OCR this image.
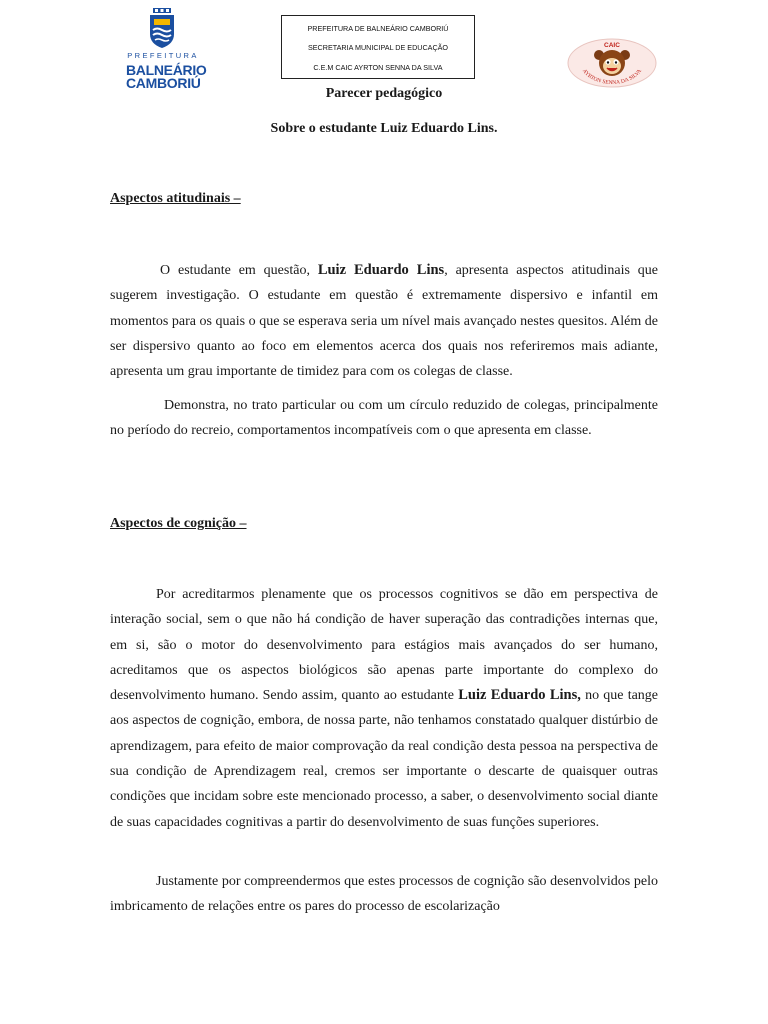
PREFEITURA
BALNEÁRIO
CAMBORIÚ
PREFEITURA DE BALNEÁRIO CAMBORIÚ
SECRETARIA MUNICIPAL DE EDUCAÇÃO
C.E.M CAIC AYRTON SENNA DA SILVA
CAIC
AYRTON SENNA DA SILVA
Parecer pedagógico
Sobre o estudante Luiz Eduardo Lins.
Aspectos atitudinais –

O estudante em questão, Luiz Eduardo Lins, apresenta aspectos atitudinais que sugerem investigação. O estudante em questão é extremamente dispersivo e infantil em momentos para os quais o que se esperava seria um nível mais avançado nestes quesitos. Além de ser dispersivo quanto ao foco em elementos acerca dos quais nos referiremos mais adiante, apresenta um grau importante de timidez para com os colegas de classe.

Demonstra, no trato particular ou com um círculo reduzido de colegas, principalmente no período do recreio, comportamentos incompatíveis com o que apresenta em classe.

Aspectos de cognição –

Por acreditarmos plenamente que os processos cognitivos se dão em perspectiva de interação social, sem o que não há condição de haver superação das contradições internas que, em si, são o motor do desenvolvimento para estágios mais avançados do ser humano, acreditamos que os aspectos biológicos são apenas parte importante do complexo do desenvolvimento humano. Sendo assim, quanto ao estudante Luiz Eduardo Lins, no que tange aos aspectos de cognição, embora, de nossa parte, não tenhamos constatado qualquer distúrbio de aprendizagem, para efeito de maior comprovação da real condição desta pessoa na perspectiva de sua condição de Aprendizagem real, cremos ser importante o descarte de quaisquer outras condições que incidam sobre este mencionado processo, a saber, o desenvolvimento social diante de suas capacidades cognitivas a partir do desenvolvimento de suas funções superiores.

Justamente por compreendermos que estes processos de cognição são desenvolvidos pelo imbricamento de relações entre os pares do processo de escolarização
